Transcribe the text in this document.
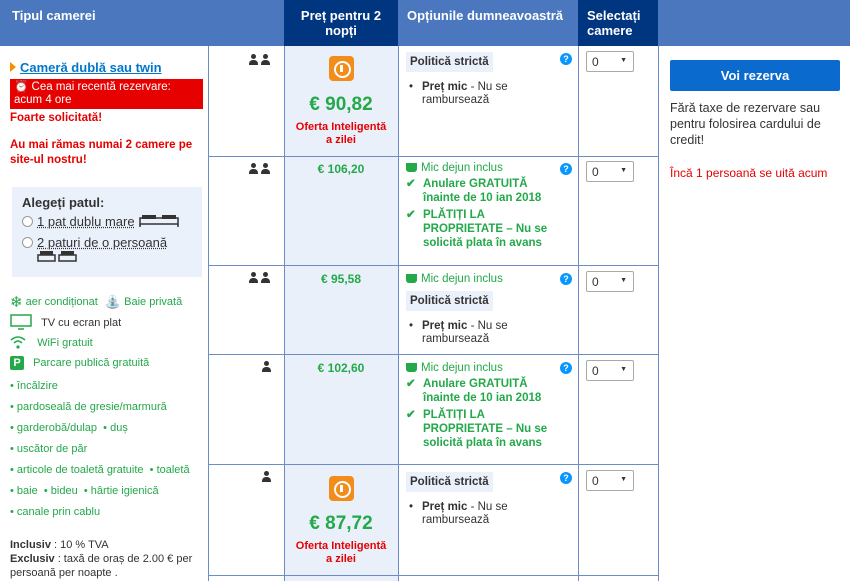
Tipul camerei	Preț pentru 2 nopți
Opțiunile dumneavoastră	Selectați camere
Cameră dublă sau twin
⏰ Cea mai recentă rezervare:
acum 4 ore
Foarte solicitată!
Au mai rămas numai 2 camere pe site-ul nostru!
Alegeți patul:
1 pat dublu mare
2 paturi de o persoană
❄ aer condiționat ⛲ Baie privată
TV cu ecran plat
WiFi gratuit
P Parcare publică gratuită
• încălzire
• pardoseală de gresie/marmură
• garderobă/dulap • duș
• uscător de păr
• articole de toaletă gratuite • toaletă
• baie • bideu • hârtie igienică
• canale prin cablu
Inclusiv : 10 % TVA
Exclusiv : taxă de oraș de 2.00 € per persoană per noapte .
€ 90,82
Oferta Inteligentă a zilei
€ 106,20
€ 95,58
€ 102,60
€ 87,72
Oferta Inteligentă a zilei
Politică strictă
• Preț mic - Nu se rambursează
Mic dejun inclus
✔ Anulare GRATUITĂ înainte de 10 ian 2018
✔ PLĂTIȚI LA PROPRIETATE – Nu se solicită plata în avans
Mic dejun inclus
Politică strictă
• Preț mic - Nu se rambursează
Mic dejun inclus
✔ Anulare GRATUITĂ înainte de 10 ian 2018
✔ PLĂTIȚI LA PROPRIETATE – Nu se solicită plata în avans
Politică strictă
• Preț mic - Nu se rambursează
?
?
?
?
?
0 ▼
0 ▼
0 ▼
0 ▼
0 ▼
Voi rezerva
Fără taxe de rezervare sau pentru folosirea cardului de credit!
Încă 1 persoană se uită acum
